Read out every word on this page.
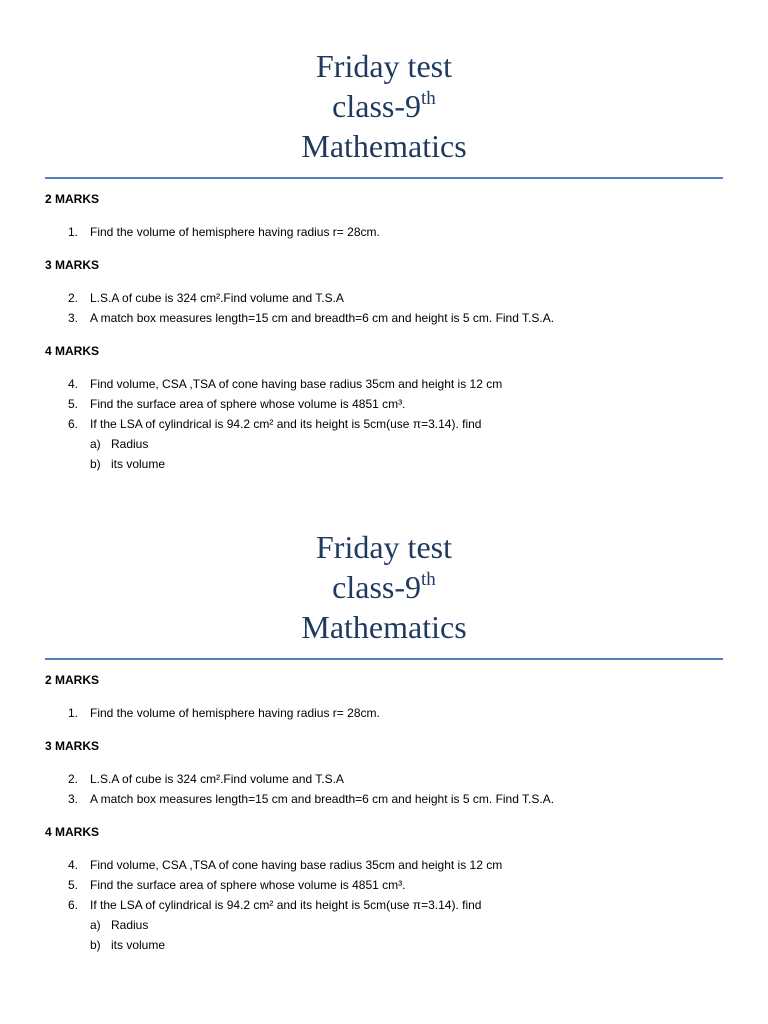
Friday test
class-9th
Mathematics
2 MARKS
1. Find the volume of hemisphere having radius r= 28cm.
3 MARKS
2. L.S.A of cube is 324 cm².Find volume and T.S.A
3. A match box measures length=15 cm and breadth=6 cm and height is 5 cm. Find T.S.A.
4 MARKS
4. Find volume, CSA ,TSA of cone having base radius 35cm and height is 12 cm
5. Find the surface area of sphere whose volume is 4851 cm³.
6. If the LSA of cylindrical is 94.2 cm² and its height is 5cm(use π=3.14). find
a) Radius
b) its volume
Friday test
class-9th
Mathematics
2 MARKS
1. Find the volume of hemisphere having radius r= 28cm.
3 MARKS
2. L.S.A of cube is 324 cm².Find volume and T.S.A
3. A match box measures length=15 cm and breadth=6 cm and height is 5 cm. Find T.S.A.
4 MARKS
4. Find volume, CSA ,TSA of cone having base radius 35cm and height is 12 cm
5. Find the surface area of sphere whose volume is 4851 cm³.
6. If the LSA of cylindrical is 94.2 cm² and its height is 5cm(use π=3.14). find
a) Radius
b) its volume
